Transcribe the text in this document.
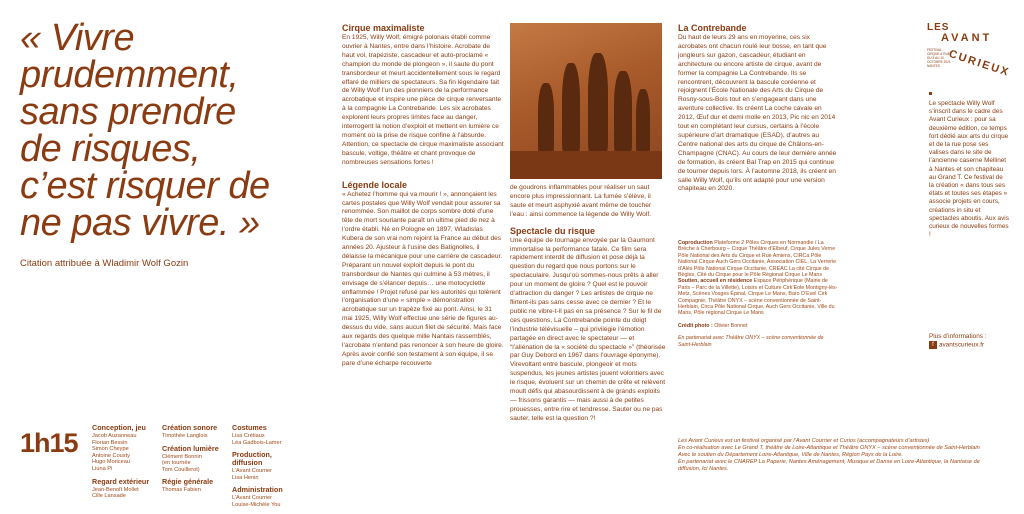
« Vivre
prudemment,
sans prendre
de risques,
c’est risquer de
ne pas vivre. »
Citation attribuée à Wladimir Wolf Gozin
1h15
Conception, jeu
Jacob Auzanneau
Florian Bessin
Simon Cheype
Antoine Cousty
Hugo Moriceau
Liuna Pi
Regard extérieur
Jean-Benoît Mollet
Cille Lansade
Création sonore
Timothée Langlois
Création lumière
Clément Bonnin
(en tournée
Tom Couillerot)
Régie générale
Thomas Fabien
Costumes
Lisa Crétiaux
Léa Gadbois-Lamer
Production, diffusion
L’Avant Courrier
Lisa Henin
Administration
L’Avant Courrier
Louise-Michèle You
Cirque maximaliste

En 1925, Willy Wolf, émigré polonais établi comme ouvrier à Nantes, entre dans l’histoire. Acrobate de haut vol, trapéziste, cascadeur et auto-proclamé « champion du monde de plongeon », il saute du pont transbordeur et meurt accidentellement sous le regard effaré de milliers de spectateurs. Sa fin légendaire fait de Willy Wolf l’un des pionniers de la performance acrobatique et inspire une pièce de cirque renversante à la compagnie La Contrebande. Les six acrobates explorent leurs propres limites face au danger, interrogent la notion d’exploit et mettent en lumière ce moment où la prise de risque confine à l’absurde. Attention, ce spectacle de cirque maximaliste associant bascule, voltige, théâtre et chant provoque de nombreuses sensations fortes !

Légende locale

« Achetez l’homme qui va mourir ! », annonçaient les cartes postales que Willy Wolf vendait pour assurer sa renommée. Son maillot de corps sombre doté d’une tête de mort souriante paraît un ultime pied de nez à l’ordre établi. Né en Pologne en 1897, Wladislas Kubera de son vrai nom rejoint la France au début des années 20. Ajusteur à l’usine des Batignolles, il délaisse la mécanique pour une carrière de cascadeur. Préparant un nouvel exploit depuis le pont du transbordeur de Nantes qui culmine à 53 mètres, il envisage de s’élancer depuis… une motocyclette enflammée ! Projet refusé par les autorités qui tolèrent l’organisation d’une « simple » démonstration acrobatique sur un trapèze fixé au pont. Ainsi, le 31 mai 1925, Willy Wolf effectue une série de figures au-dessus du vide, sans aucun filet de sécurité. Mais face aux regards des quelque mille Nantais rassemblés, l’acrobate n’entend pas renoncer à son heure de gloire. Après avoir confié son testament à son équipe, il se pare d’une écharpe recouverte

de goudrons inflammables pour réaliser un saut encore plus impressionnant. La fumée s’élève, il saute et meurt asphyxié avant même de toucher l’eau : ainsi commence la légende de Willy Wolf.

Spectacle du risque

Une équipe de tournage envoyée par la Gaumont immortalise la performance fatale. Ce film sera rapidement interdit de diffusion et pose déjà la question du regard que nous portons sur le spectaculaire. Jusqu’où sommes-nous prêts à aller pour un moment de gloire ? Quel est le pouvoir d’attraction du danger ? Les artistes de cirque ne flirtent-ils pas sans cesse avec ce dernier ? Et le public ne vibre-t-il pas en sa présence ? Sur le fil de ces questions, La Contrebande pointe du doigt l’industrie télévisuelle – qui privilégie l’émotion partagée en direct avec le spectateur — et “l’aliénation de la « société du spectacle »” (théorisée par Guy Debord en 1967 dans l’ouvrage éponyme). Virevoltant entre bascule, plongeoir et mots suspendus, les jeunes artistes jouent volontiers avec le risque, évoluent sur un chemin de crête et relèvent moult défis qui abasourdissent à de grands exploits — frissons garantis — mais aussi à de petites prouesses, entre rire et tendresse. Sauter ou ne pas sauter, telle est la question ?!

La Contrebande

Du haut de leurs 29 ans en moyenne, ces six acrobates ont chacun roulé leur bosse, en tant que jongleurs sur gazon, cascadeur, étudiant en architecture ou encore artiste de cirque, avant de former la compagnie La Contrebande. Ils se rencontrent, découvrent la bascule coréenne et rejoignent l’École Nationale des Arts du Cirque de Rosny-sous-Bois tout en s’engageant dans une aventure collective. Ils créent La coche cavale en 2012, Œuf dur et demi molle en 2013, Pic nic en 2014 tout en complétant leur cursus, certains à l’école supérieure d’art dramatique (ESAD), d’autres au Centre national des arts du cirque de Châlons-en-Champagne (CNAC). Au cours de leur dernière année de formation, ils créent Bal Trap en 2015 qui continue de tourner depuis lors. À l’automne 2018, ils créent en salle Willy Wolf, qu’ils ont adapté pour une version chapiteau en 2020.

Coproduction Plateforme 2 Pôles Cirques en Normandie / La Brèche à Cherbourg – Cirque Théâtre d’Elbeuf, Cirque Jules Verne Pôle National des Arts du Cirque et Rue Amiens, CIRCa Pôle National Cirque Auch Gers Occitanie, Association CIEL, La Verrerie d’Alès Pôle National Cirque Occitanie, CREAC La cité Cirque de Bègles, Cité du Cirque pour le Pôle Régional Cirque Le Mans

Soutien, accueil en résidence Espace Périphérique (Mairie de Paris – Parc de la Villette), Loisirs et Culture Cirk’Eole Montigny-lès-Metz, Scènes Vosges Épinal, Cirque Le Mans, Baro D’Evel Cirk Compagnie, Théâtre ONYX – scène conventionnée de Saint-Herblain, Circa Pôle National Cirque, Auch Gers Occitanie, Ville du Mans, Pôle régional Cirque Le Mans

Crédit photo : Olivier Bonnet

En partenariat avec Théâtre ONYX – scène conventionnée de Saint-Herblain

LES
AVANT
CURIEUX
FESTIVAL CIRQUE & RUE · DU 5 AU 10 OCTOBRE 2021 · NANTES
Le spectacle Willy Wolf s’inscrit dans le cadre des Avant Curieux : pour sa deuxième édition, ce temps fort dédié aux arts du cirque et de la rue pose ses valises dans le site de l’ancienne caserne Mellinet à Nantes et son chapiteau au Grand T. Ce festival de la création « dans tous ses états et toutes ses étapes » associe projets en cours, créations in situ et spectacles aboutis. Aux avis curieux de nouvelles formes !
Plus d’informations :
f avantscurieux.fr
Les Avant Curieux est un festival organisé par l’Avant Courrier et Curios (accompagnateurs d’artistes)
En co-réalisation avec Le Grand T, théâtre de Loire-Atlantique et Théâtre ONYX – scène conventionnée de Saint-Herblain
Avec le soutien du Département Loire-Atlantique, Ville de Nantes, Région Pays de la Loire.
En partenariat avec le CNAREP La Paperie, Nantes Aménagement, Musique et Danse en Loire-Atlantique, la Nantaise de diffusion, Ici Nantes.
